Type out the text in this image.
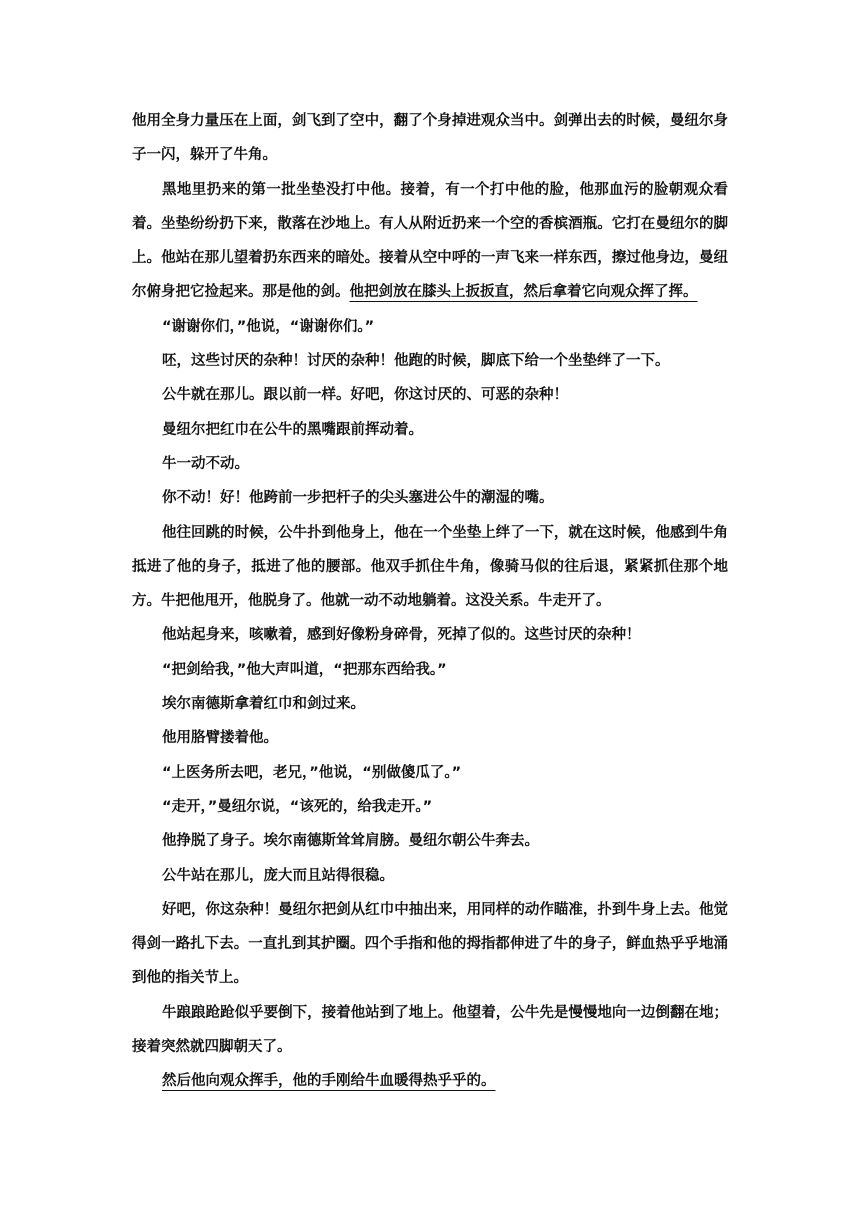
他用全身力量压在上面，剑飞到了空中，翻了个身掉进观众当中。剑弹出去的时候，曼纽尔身子一闪，躲开了牛角。

黑地里扔来的第一批坐垫没打中他。接着，有一个打中他的脸，他那血污的脸朝观众看着。坐垫纷纷扔下来，散落在沙地上。有人从附近扔来一个空的香槟酒瓶。它打在曼纽尔的脚上。他站在那儿望着扔东西来的暗处。接着从空中呼的一声飞来一样东西，擦过他身边，曼纽尔俯身把它捡起来。那是他的剑。他把剑放在膝头上扳扳直，然后拿着它向观众挥了挥。

“谢谢你们，”他说，“谢谢你们。”

呸，这些讨厌的杂种！讨厌的杂种！他跑的时候，脚底下给一个坐垫绊了一下。

公牛就在那儿。跟以前一样。好吧，你这讨厌的、可恶的杂种！

曼纽尔把红巾在公牛的黑嘴跟前挥动着。

牛一动不动。

你不动！好！他跨前一步把杆子的尖头塞进公牛的潮湿的嘴。

他往回跳的时候，公牛扑到他身上，他在一个坐垫上绊了一下，就在这时候，他感到牛角抵进了他的身子，抵进了他的腰部。他双手抓住牛角，像骑马似的往后退，紧紧抓住那个地方。牛把他甩开，他脱身了。他就一动不动地躺着。这没关系。牛走开了。

他站起身来，咳嗽着，感到好像粉身碎骨，死掉了似的。这些讨厌的杂种！

“把剑给我，”他大声叫道，“把那东西给我。”

埃尔南德斯拿着红巾和剑过来。

他用胳臂搂着他。

“上医务所去吧，老兄，”他说，“别做傻瓜了。”

“走开，”曼纽尔说，“该死的，给我走开。”

他挣脱了身子。埃尔南德斯耸耸肩膀。曼纽尔朝公牛奔去。

公牛站在那儿，庞大而且站得很稳。

好吧，你这杂种！曼纽尔把剑从红巾中抽出来，用同样的动作瞄准，扑到牛身上去。他觉得剑一路扎下去。一直扎到其护圈。四个手指和他的拇指都伸进了牛的身子，鲜血热乎乎地涌到他的指关节上。

牛踉踉跄跄似乎要倒下，接着他站到了地上。他望着，公牛先是慢慢地向一边倒翻在地；接着突然就四脚朝天了。

然后他向观众挥手，他的手刚给牛血暖得热乎乎的。
